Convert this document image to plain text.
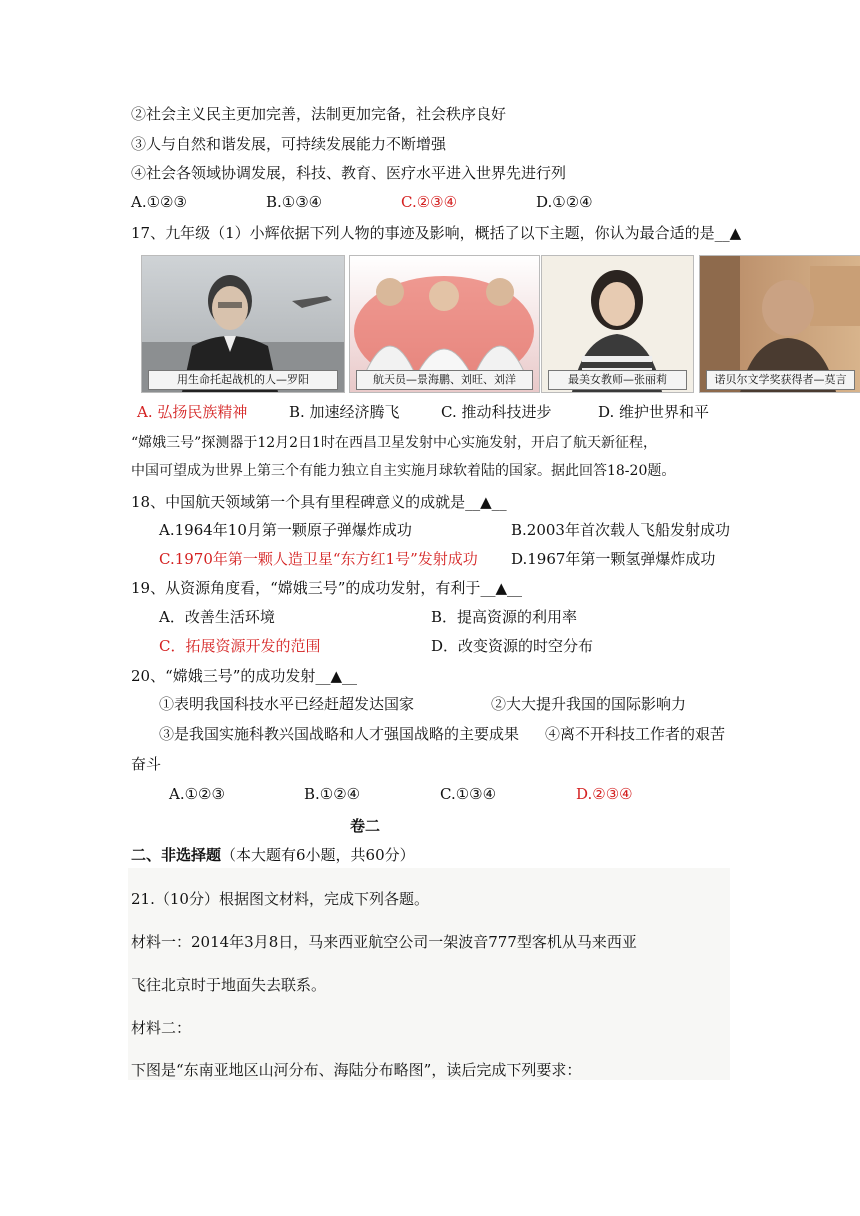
②社会主义民主更加完善，法制更加完备，社会秩序良好
③人与自然和谐发展，可持续发展能力不断增强
④社会各领域协调发展，科技、教育、医疗水平进入世界先进行列
A.①②③	B.①③④	C.②③④	D.①②④
17、九年级（1）小辉依据下列人物的事迹及影响，概括了以下主题，你认为最合适的是__▲
用生命托起战机的人—罗阳	航天员—景海鹏、刘旺、刘洋	最美女教师—张丽莉	诺贝尔文学奖获得者—莫言
A. 弘扬民族精神	B. 加速经济腾飞	C. 推动科技进步	D. 维护世界和平
“嫦娥三号”探测器于12月2日1时在西昌卫星发射中心实施发射，开启了航天新征程，
中国可望成为世界上第三个有能力独立自主实施月球软着陆的国家。据此回答18-20题。
18、中国航天领域第一个具有里程碑意义的成就是__▲__
A.1964年10月第一颗原子弹爆炸成功	B.2003年首次载人飞船发射成功
C.1970年第一颗人造卫星“东方红1号”发射成功 D.1967年第一颗氢弹爆炸成功
19、从资源角度看，“嫦娥三号”的成功发射，有利于__▲__
A．改善生活环境	B．提高资源的利用率
C．拓展资源开发的范围	D．改变资源的时空分布
20、“嫦娥三号”的成功发射__▲__
①表明我国科技水平已经赶超发达国家	②大大提升我国的国际影响力
③是我国实施科教兴国战略和人才强国战略的主要成果 ④离不开科技工作者的艰苦
奋斗
A.①②③	B.①②④	C.①③④	D.②③④
卷二
二、非选择题（本大题有6小题，共60分）
21.（10分）根据图文材料，完成下列各题。
材料一：2014年3月8日，马来西亚航空公司一架波音777型客机从马来西亚
飞往北京时于地面失去联系。
材料二：
下图是“东南亚地区山河分布、海陆分布略图”，读后完成下列要求：
